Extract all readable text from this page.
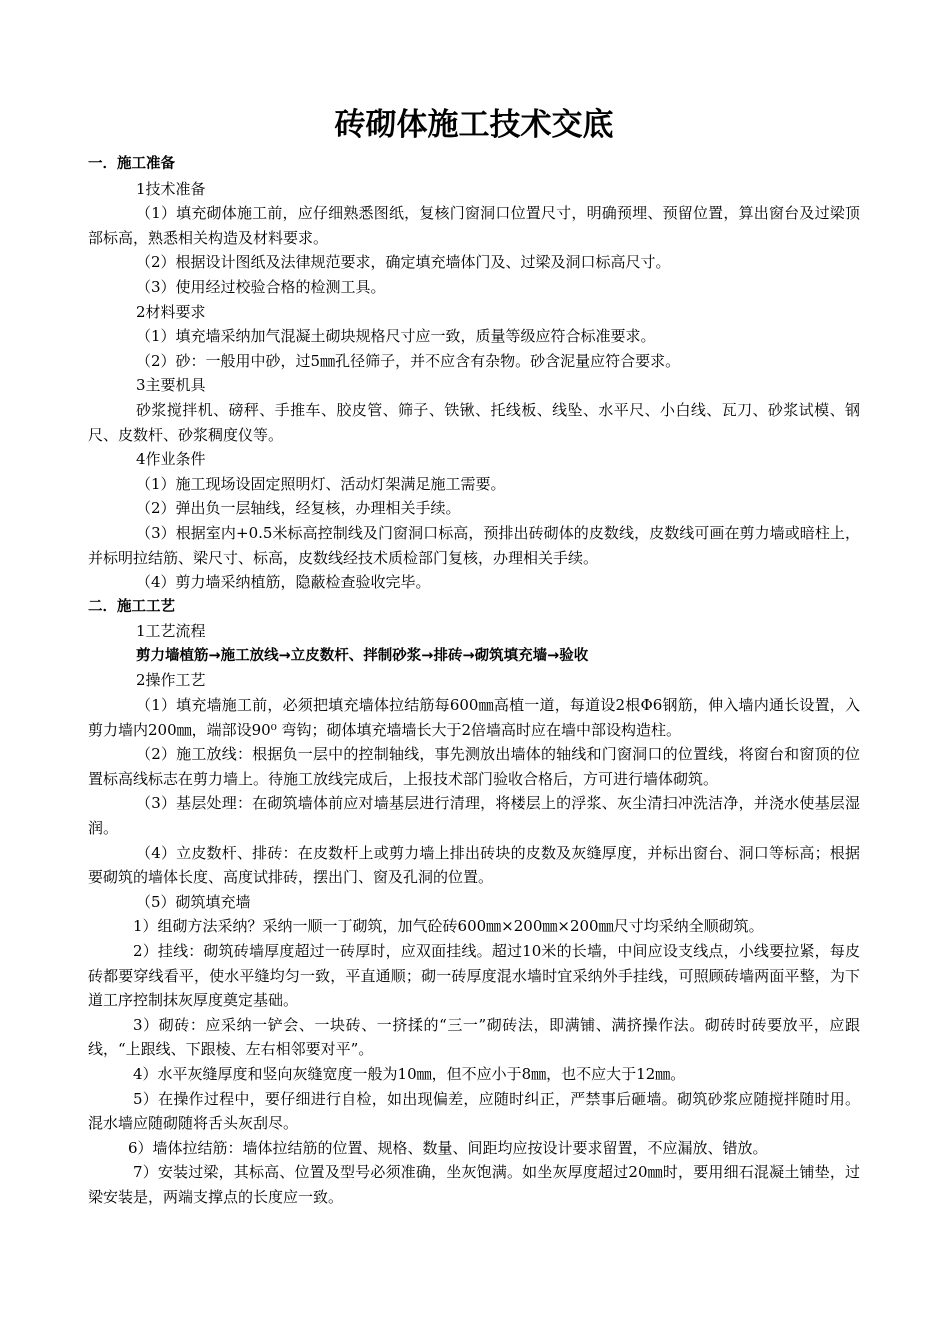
砖砌体施工技术交底
一．施工准备
1技术准备
（1）填充砌体施工前，应仔细熟悉图纸，复核门窗洞口位置尺寸，明确预埋、预留位置，算出窗台及过梁顶部标高，熟悉相关构造及材料要求。
（2）根据设计图纸及法律规范要求，确定填充墙体门及、过梁及洞口标高尺寸。
（3）使用经过校验合格的检测工具。
2材料要求
（1）填充墙采纳加气混凝土砌块规格尺寸应一致，质量等级应符合标准要求。
（2）砂：一般用中砂，过5㎜孔径筛子，并不应含有杂物。砂含泥量应符合要求。
3主要机具
砂浆搅拌机、磅秤、手推车、胶皮管、筛子、铁锹、托线板、线坠、水平尺、小白线、瓦刀、砂浆试模、钢尺、皮数杆、砂浆稠度仪等。
4作业条件
（1）施工现场设固定照明灯、活动灯架满足施工需要。
（2）弹出负一层轴线，经复核，办理相关手续。
（3）根据室内+0.5米标高控制线及门窗洞口标高，预排出砖砌体的皮数线，皮数线可画在剪力墙或暗柱上，并标明拉结筋、梁尺寸、标高，皮数线经技术质检部门复核，办理相关手续。
（4）剪力墙采纳植筋，隐蔽检查验收完毕。
二．施工工艺
1工艺流程
剪力墙植筋→施工放线→立皮数杆、拌制砂浆→排砖→砌筑填充墙→验收
2操作工艺
（1）填充墙施工前，必须把填充墙体拉结筋每600㎜高植一道，每道设2根Φ6钢筋，伸入墙内通长设置，入剪力墙内200㎜，端部设90⁰ 弯钩；砌体填充墙墙长大于2倍墙高时应在墙中部设构造柱。
（2）施工放线：根据负一层中的控制轴线，事先测放出墙体的轴线和门窗洞口的位置线，将窗台和窗顶的位置标高线标志在剪力墙上。待施工放线完成后，上报技术部门验收合格后，方可进行墙体砌筑。
（3）基层处理：在砌筑墙体前应对墙基层进行清理，将楼层上的浮浆、灰尘清扫冲洗洁净，并浇水使基层湿润。
（4）立皮数杆、排砖：在皮数杆上或剪力墙上排出砖块的皮数及灰缝厚度，并标出窗台、洞口等标高；根据要砌筑的墙体长度、高度试排砖，摆出门、窗及孔洞的位置。
（5）砌筑填充墙
1）组砌方法采纳？采纳一顺一丁砌筑，加气砼砖600㎜×200㎜×200㎜尺寸均采纳全顺砌筑。
2）挂线：砌筑砖墙厚度超过一砖厚时，应双面挂线。超过10米的长墙，中间应设支线点，小线要拉紧，每皮砖都要穿线看平，使水平缝均匀一致，平直通顺；砌一砖厚度混水墙时宜采纳外手挂线，可照顾砖墙两面平整，为下道工序控制抹灰厚度奠定基础。
3）砌砖：应采纳一铲会、一块砖、一挤揉的“三一”砌砖法，即满铺、满挤操作法。砌砖时砖要放平，应跟线，“上跟线、下跟棱、左右相邻要对平”。
4）水平灰缝厚度和竖向灰缝宽度一般为10㎜，但不应小于8㎜，也不应大于12㎜。
5）在操作过程中，要仔细进行自检，如出现偏差，应随时纠正，严禁事后砸墙。砌筑砂浆应随搅拌随时用。混水墙应随砌随将舌头灰刮尽。
6）墙体拉结筋：墙体拉结筋的位置、规格、数量、间距均应按设计要求留置，不应漏放、错放。
7）安装过梁，其标高、位置及型号必须准确，坐灰饱满。如坐灰厚度超过20㎜时，要用细石混凝土铺垫，过梁安装是，两端支撑点的长度应一致。
